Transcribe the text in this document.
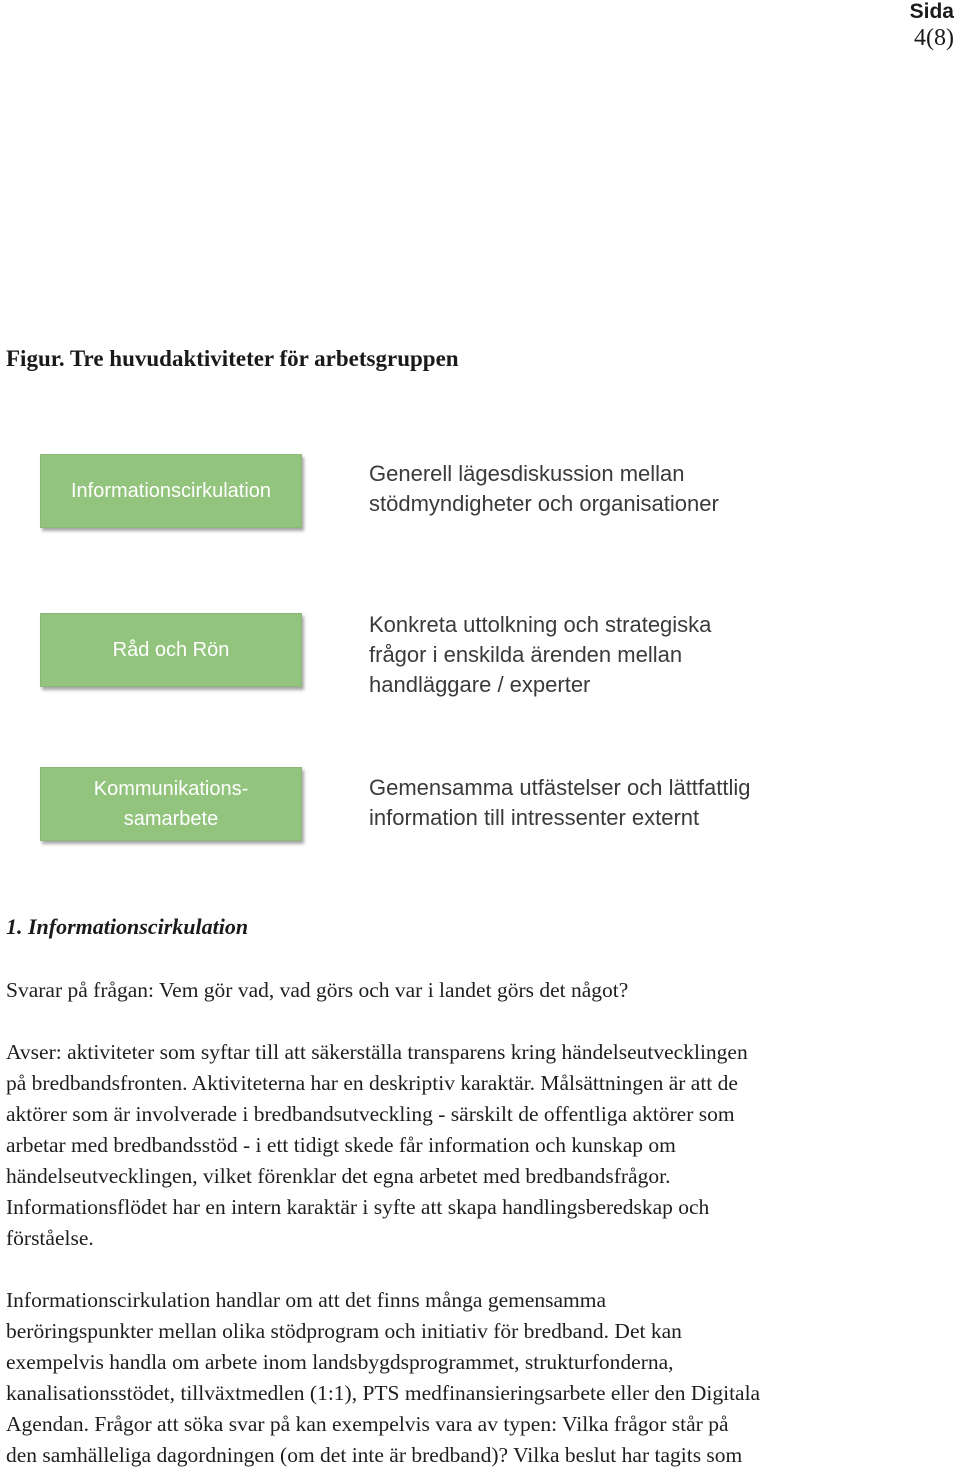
Sida
4(8)
Figur. Tre huvudaktiviteter för arbetsgruppen
Informationscirkulation
Generell lägesdiskussion mellan
stödmyndigheter och organisationer
Råd och Rön
Konkreta uttolkning och strategiska
frågor i enskilda ärenden mellan
handläggare / experter
Kommunikations-
samarbete
Gemensamma utfästelser och lättfattlig
information till intressenter externt
1. Informationscirkulation
Svarar på frågan: Vem gör vad, vad görs och var i landet görs det något?
Avser: aktiviteter som syftar till att säkerställa transparens kring händelseutvecklingen
på bredbandsfronten. Aktiviteterna har en deskriptiv karaktär. Målsättningen är att de
aktörer som är involverade i bredbandsutveckling - särskilt de offentliga aktörer som
arbetar med bredbandsstöd - i ett tidigt skede får information och kunskap om
händelseutvecklingen, vilket förenklar det egna arbetet med bredbandsfrågor.
Informationsflödet har en intern karaktär i syfte att skapa handlingsberedskap och
förståelse.
Informationscirkulation handlar om att det finns många gemensamma
beröringspunkter mellan olika stödprogram och initiativ för bredband. Det kan
exempelvis handla om arbete inom landsbygdsprogrammet, strukturfonderna,
kanalisationsstödet, tillväxtmedlen (1:1), PTS medfinansieringsarbete eller den Digitala
Agendan. Frågor att söka svar på kan exempelvis vara av typen: Vilka frågor står på
den samhälleliga dagordningen (om det inte är bredband)? Vilka beslut har tagits som
